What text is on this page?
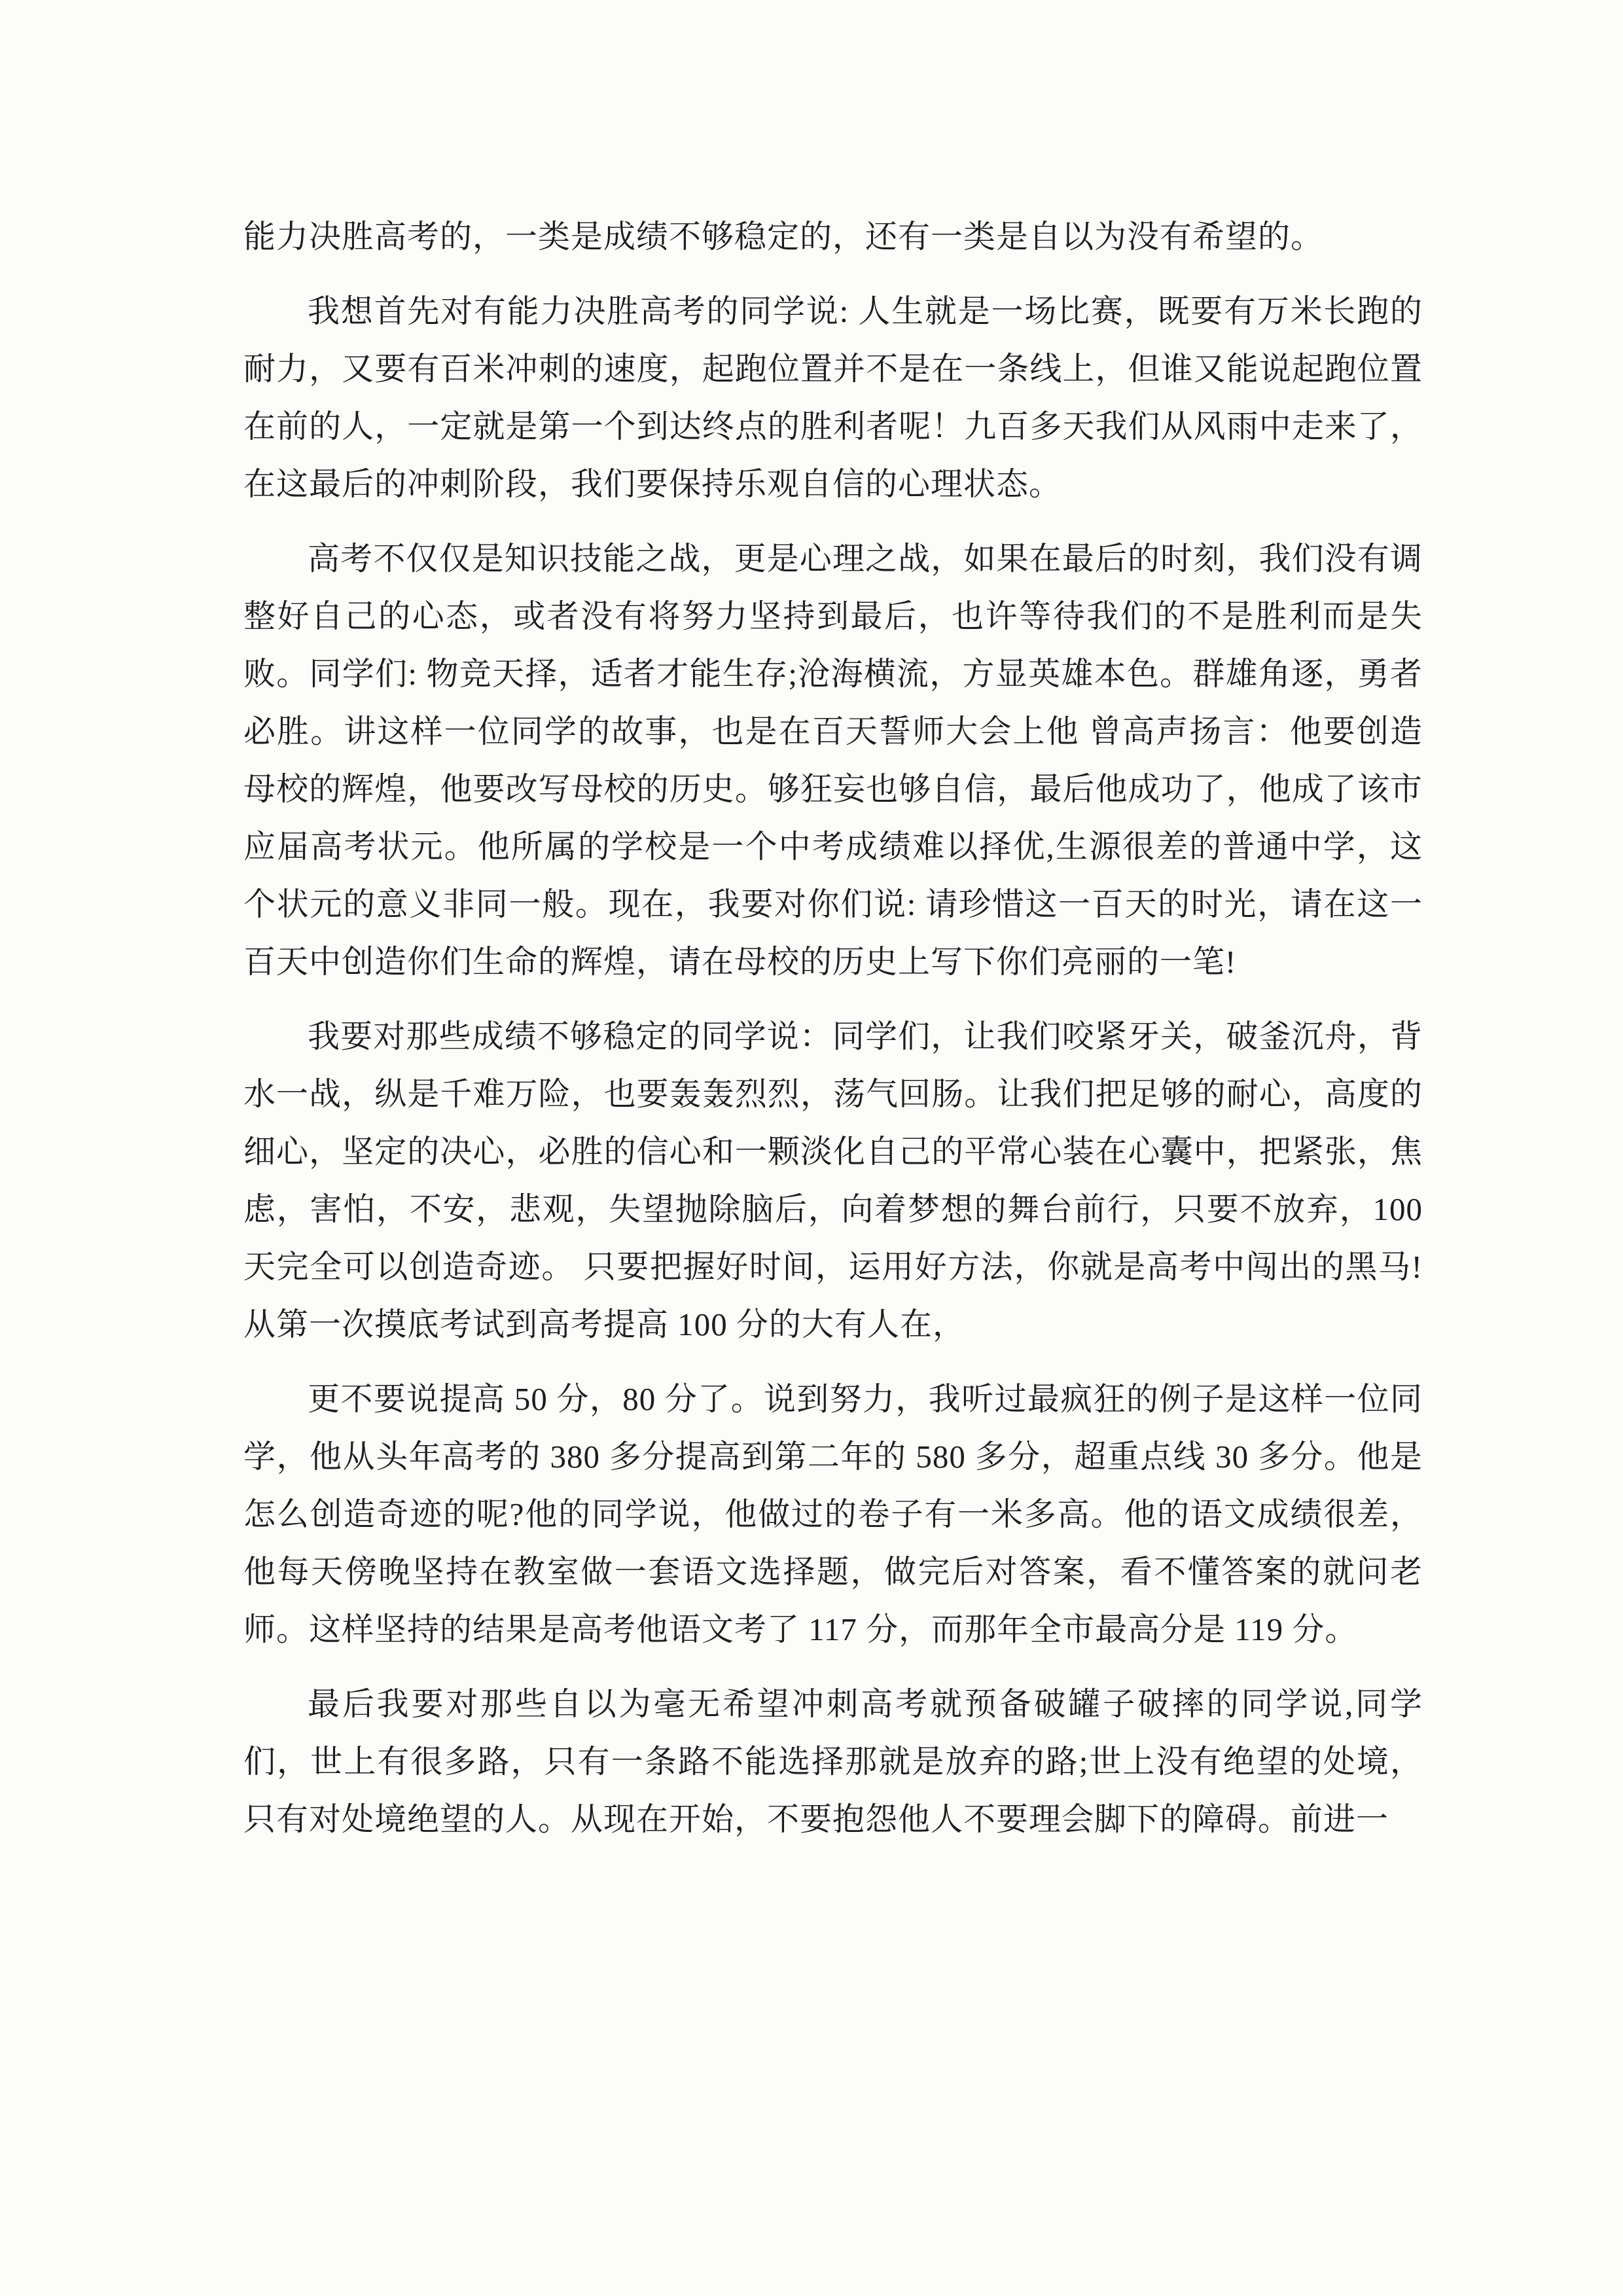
能力决胜高考的，一类是成绩不够稳定的，还有一类是自以为没有希望的。

我想首先对有能力决胜高考的同学说: 人生就是一场比赛，既要有万米长跑的耐力，又要有百米冲刺的速度，起跑位置并不是在一条线上，但谁又能说起跑位置在前的人，一定就是第一个到达终点的胜利者呢！九百多天我们从风雨中走来了，在这最后的冲刺阶段，我们要保持乐观自信的心理状态。

高考不仅仅是知识技能之战，更是心理之战，如果在最后的时刻，我们没有调整好自己的心态，或者没有将努力坚持到最后，也许等待我们的不是胜利而是失败。同学们: 物竞天择，适者才能生存;沧海横流，方显英雄本色。群雄角逐，勇者必胜。讲这样一位同学的故事，也是在百天誓师大会上他 曾高声扬言：他要创造母校的辉煌，他要改写母校的历史。够狂妄也够自信，最后他成功了，他成了该市应届高考状元。他所属的学校是一个中考成绩难以择优,生源很差的普通中学，这个状元的意义非同一般。现在，我要对你们说: 请珍惜这一百天的时光，请在这一百天中创造你们生命的辉煌，请在母校的历史上写下你们亮丽的一笔!

我要对那些成绩不够稳定的同学说：同学们，让我们咬紧牙关，破釜沉舟，背水一战，纵是千难万险，也要轰轰烈烈，荡气回肠。让我们把足够的耐心，高度的细心，坚定的决心，必胜的信心和一颗淡化自己的平常心装在心囊中，把紧张，焦虑，害怕，不安，悲观，失望抛除脑后，向着梦想的舞台前行，只要不放弃，100 天完全可以创造奇迹。 只要把握好时间，运用好方法，你就是高考中闯出的黑马!从第一次摸底考试到高考提高 100 分的大有人在，

更不要说提高 50 分，80 分了。说到努力，我听过最疯狂的例子是这样一位同学，他从头年高考的 380 多分提高到第二年的 580 多分，超重点线 30 多分。他是怎么创造奇迹的呢?他的同学说，他做过的卷子有一米多高。他的语文成绩很差，他每天傍晚坚持在教室做一套语文选择题，做完后对答案，看不懂答案的就问老师。这样坚持的结果是高考他语文考了 117 分，而那年全市最高分是 119 分。

最后我要对那些自以为毫无希望冲刺高考就预备破罐子破摔的同学说,同学们，世上有很多路，只有一条路不能选择那就是放弃的路;世上没有绝望的处境，只有对处境绝望的人。从现在开始，不要抱怨他人不要理会脚下的障碍。前进一
